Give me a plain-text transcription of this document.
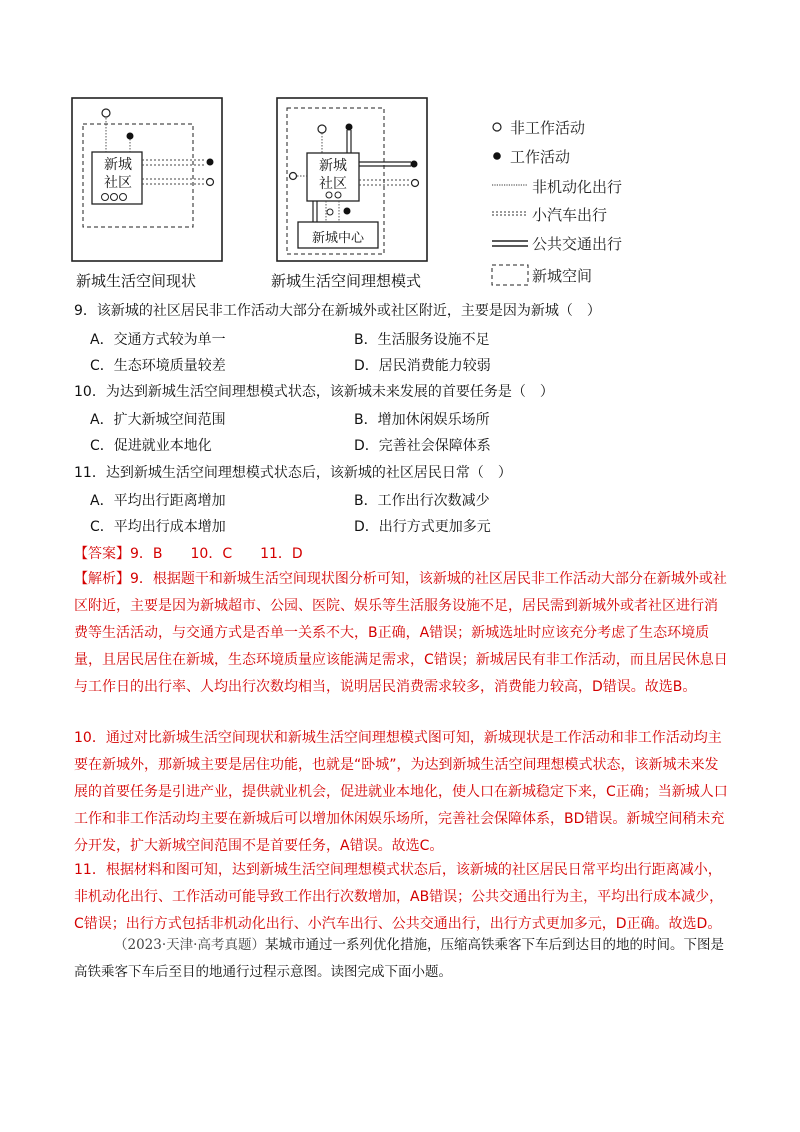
新城
社区
新城
社区
新城中心
新城生活空间现状	新城生活空间理想模式
非工作活动
工作活动
非机动化出行
小汽车出行
公共交通出行
新城空间
9．该新城的社区居民非工作活动大部分在新城外或社区附近，主要是因为新城（　）
A．交通方式较为单一	B．生活服务设施不足
C．生态环境质量较差	D．居民消费能力较弱
10．为达到新城生活空间理想模式状态，该新城未来发展的首要任务是（　）
A．扩大新城空间范围	B．增加休闲娱乐场所
C．促进就业本地化	D．完善社会保障体系
11．达到新城生活空间理想模式状态后，该新城的社区居民日常（　）
A．平均出行距离增加	B．工作出行次数减少
C．平均出行成本增加	D．出行方式更加多元
【答案】9．B　　10．C　　11．D

【解析】9．根据题干和新城生活空间现状图分析可知，该新城的社区居民非工作活动大部分在新城外或社区附近，主要是因为新城超市、公园、医院、娱乐等生活服务设施不足，居民需到新城外或者社区进行消费等生活活动，与交通方式是否单一关系不大，B正确，A错误；新城选址时应该充分考虑了生态环境质量，且居民居住在新城，生态环境质量应该能满足需求，C错误；新城居民有非工作活动，而且居民休息日与工作日的出行率、人均出行次数均相当，说明居民消费需求较多，消费能力较高，D错误。故选B。

10．通过对比新城生活空间现状和新城生活空间理想模式图可知，新城现状是工作活动和非工作活动均主要在新城外，那新城主要是居住功能，也就是“卧城”，为达到新城生活空间理想模式状态，该新城未来发展的首要任务是引进产业，提供就业机会，促进就业本地化，使人口在新城稳定下来，C正确；当新城人口工作和非工作活动均主要在新城后可以增加休闲娱乐场所，完善社会保障体系，BD错误。新城空间稍未充分开发，扩大新城空间范围不是首要任务，A错误。故选C。

11．根据材料和图可知，达到新城生活空间理想模式状态后，该新城的社区居民日常平均出行距离减小，非机动化出行、工作活动可能导致工作出行次数增加，AB错误；公共交通出行为主，平均出行成本减少，C错误；出行方式包括非机动化出行、小汽车出行、公共交通出行，出行方式更加多元，D正确。故选D。

（2023·天津·高考真题）某城市通过一系列优化措施，压缩高铁乘客下车后到达目的地的时间。下图是高铁乘客下车后至目的地通行过程示意图。读图完成下面小题。
